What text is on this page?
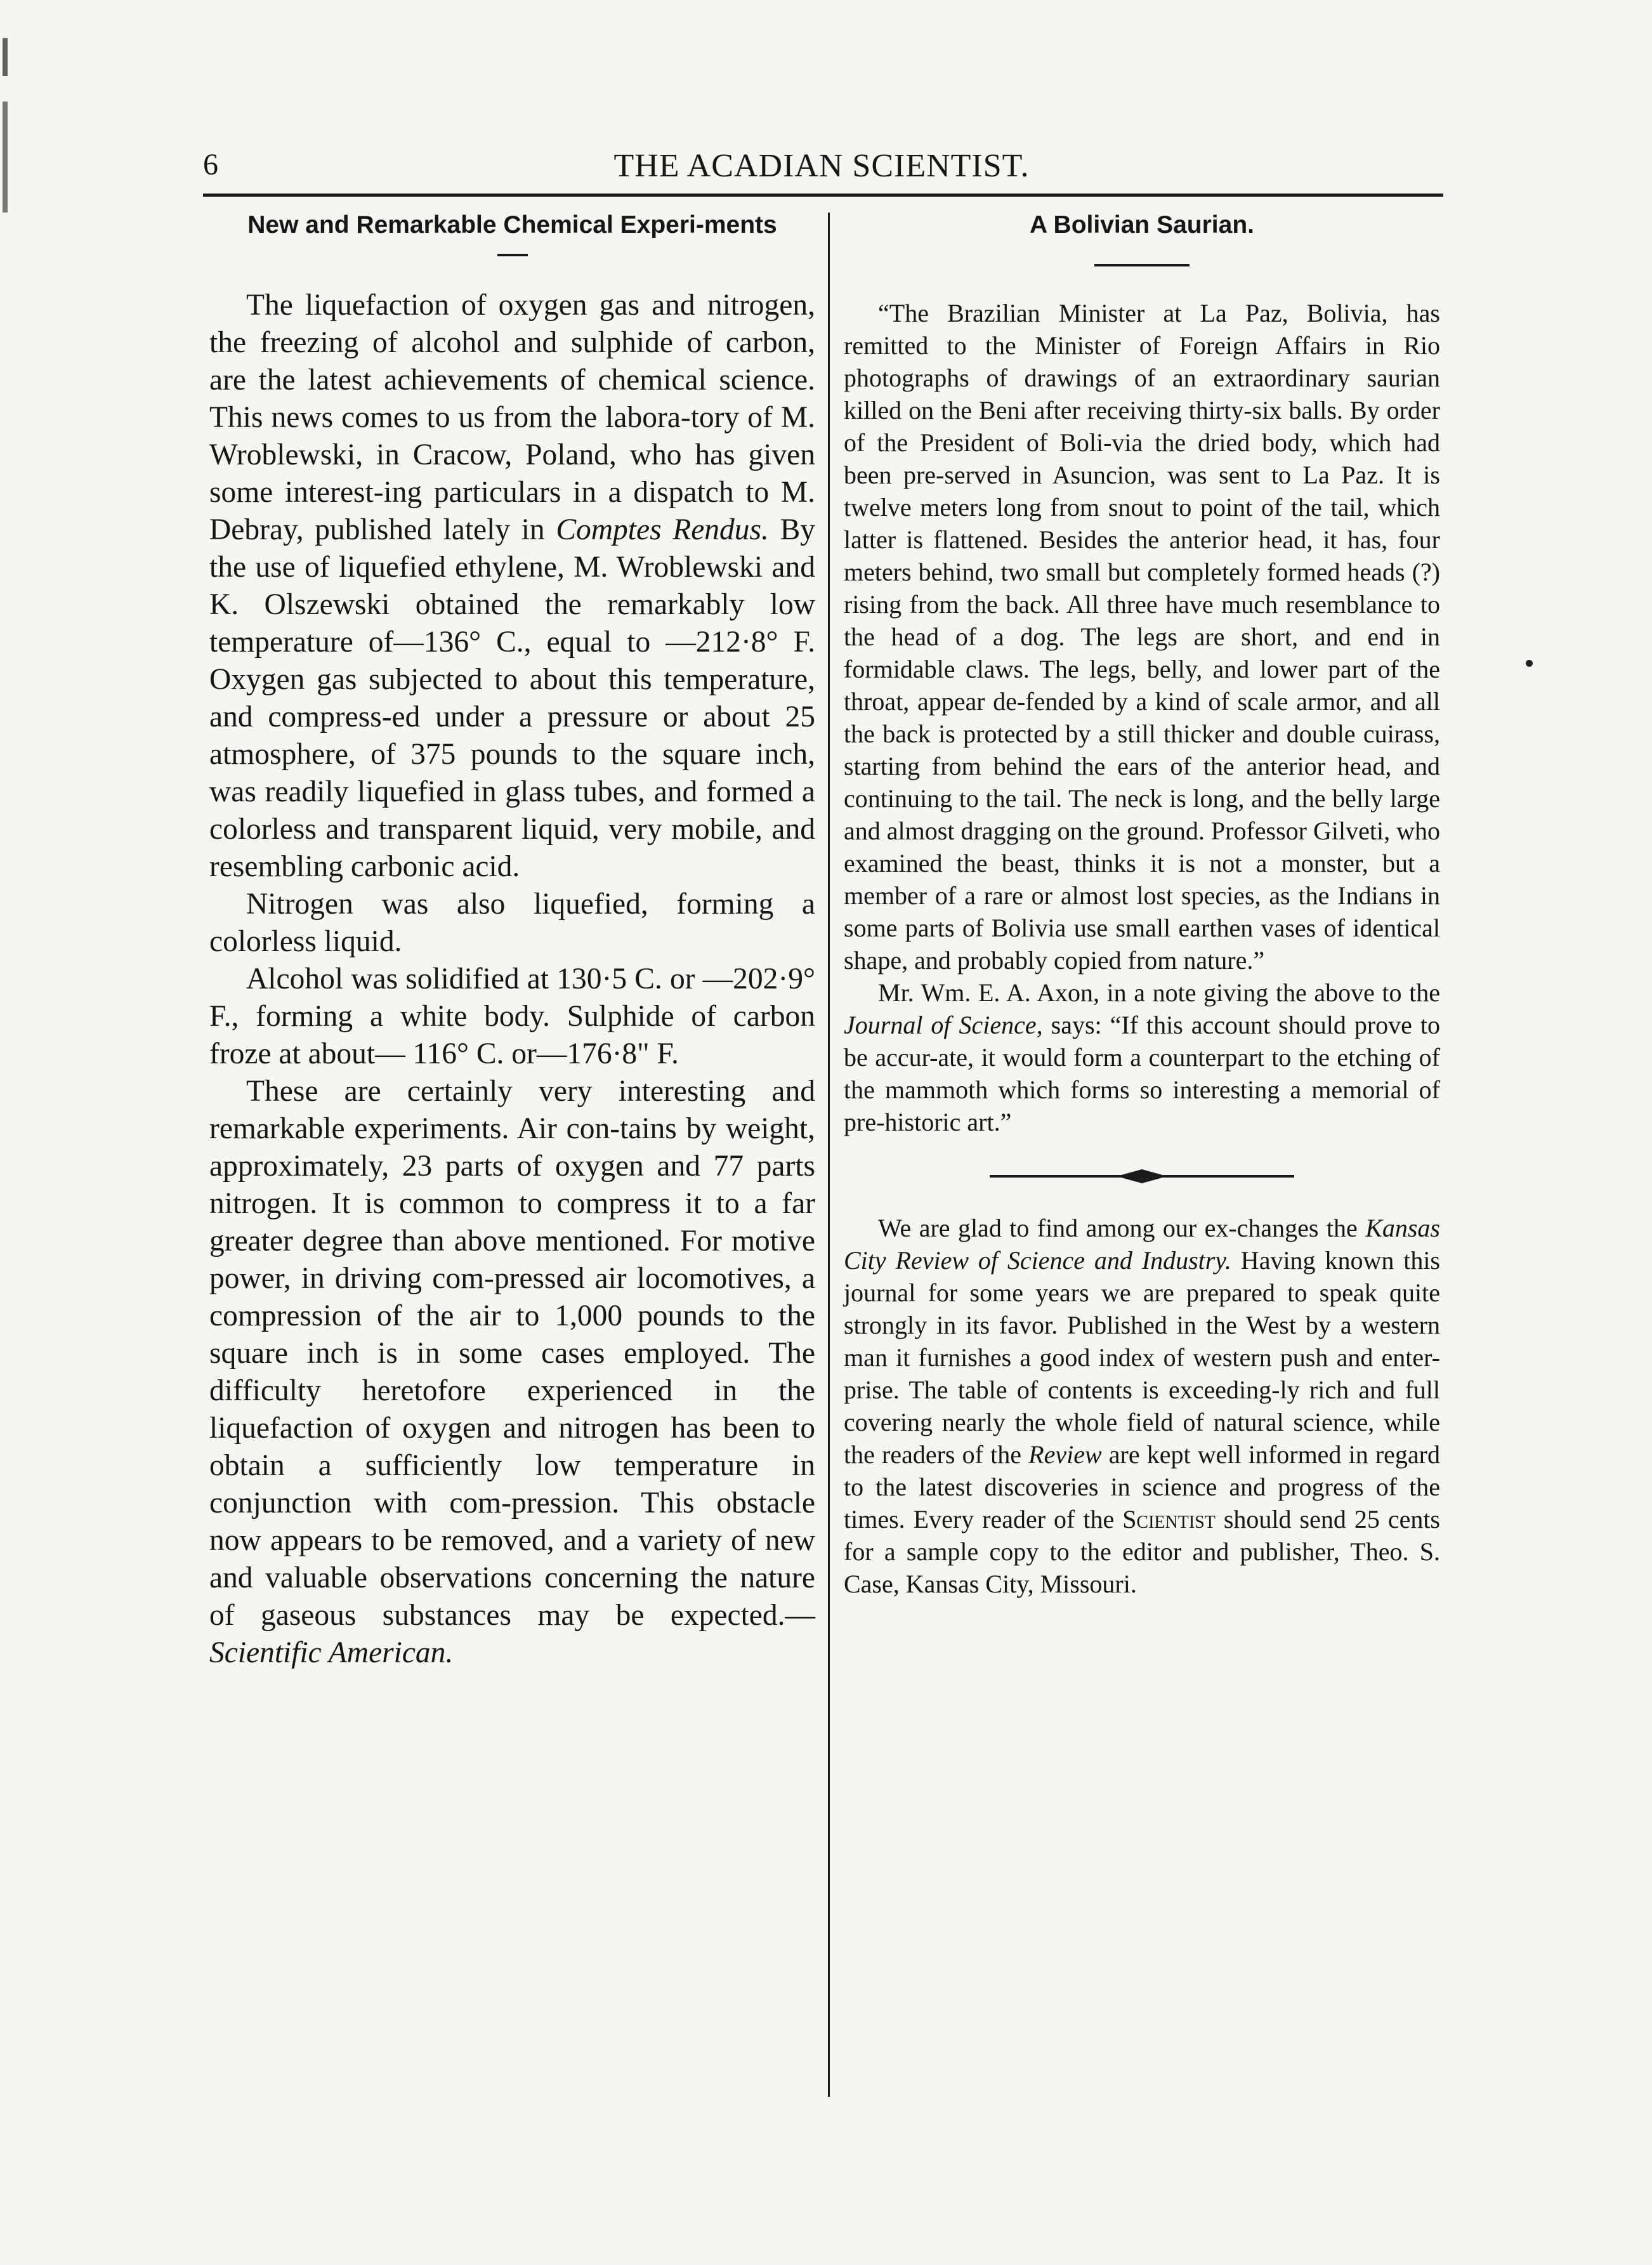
6	THE ACADIAN SCIENTIST.
New and Remarkable Chemical Experi-ments

The liquefaction of oxygen gas and nitrogen, the freezing of alcohol and sulphide of carbon, are the latest achievements of chemical science. This news comes to us from the labora-tory of M. Wroblewski, in Cracow, Poland, who has given some interest-ing particulars in a dispatch to M. Debray, published lately in Comptes Rendus. By the use of liquefied ethylene, M. Wroblewski and K. Olszewski obtained the remarkably low temperature of—136° C., equal to —212·8° F. Oxygen gas subjected to about this temperature, and compress-ed under a pressure or about 25 atmosphere, of 375 pounds to the square inch, was readily liquefied in glass tubes, and formed a colorless and transparent liquid, very mobile, and resembling carbonic acid.

Nitrogen was also liquefied, forming a colorless liquid.

Alcohol was solidified at 130·5 C. or —202·9° F., forming a white body. Sulphide of carbon froze at about— 116° C. or—176·8" F.

These are certainly very interesting and remarkable experiments. Air con-tains by weight, approximately, 23 parts of oxygen and 77 parts nitrogen. It is common to compress it to a far greater degree than above mentioned. For motive power, in driving com-pressed air locomotives, a compression of the air to 1,000 pounds to the square inch is in some cases employed. The difficulty heretofore experienced in the liquefaction of oxygen and nitrogen has been to obtain a sufficiently low temperature in conjunction with com-pression. This obstacle now appears to be removed, and a variety of new and valuable observations concerning the nature of gaseous substances may be expected.—Scientific American.

A Bolivian Saurian.

“The Brazilian Minister at La Paz, Bolivia, has remitted to the Minister of Foreign Affairs in Rio photographs of drawings of an extraordinary saurian killed on the Beni after receiving thirty-six balls. By order of the President of Boli-via the dried body, which had been pre-served in Asuncion, was sent to La Paz. It is twelve meters long from snout to point of the tail, which latter is flattened. Besides the anterior head, it has, four meters behind, two small but completely formed heads (?) rising from the back. All three have much resemblance to the head of a dog. The legs are short, and end in formidable claws. The legs, belly, and lower part of the throat, appear de-fended by a kind of scale armor, and all the back is protected by a still thicker and double cuirass, starting from behind the ears of the anterior head, and continuing to the tail. The neck is long, and the belly large and almost dragging on the ground. Professor Gilveti, who examined the beast, thinks it is not a monster, but a member of a rare or almost lost species, as the Indians in some parts of Bolivia use small earthen vases of identical shape, and probably copied from nature.”

Mr. Wm. E. A. Axon, in a note giving the above to the Journal of Science, says: “If this account should prove to be accur-ate, it would form a counterpart to the etching of the mammoth which forms so interesting a memorial of pre-historic art.”

We are glad to find among our ex-changes the Kansas City Review of Science and Industry. Having known this journal for some years we are prepared to speak quite strongly in its favor. Published in the West by a western man it furnishes a good index of western push and enter-prise. The table of contents is exceeding-ly rich and full covering nearly the whole field of natural science, while the readers of the Review are kept well informed in regard to the latest discoveries in science and progress of the times. Every reader of the Scientist should send 25 cents for a sample copy to the editor and publisher, Theo. S. Case, Kansas City, Missouri.
